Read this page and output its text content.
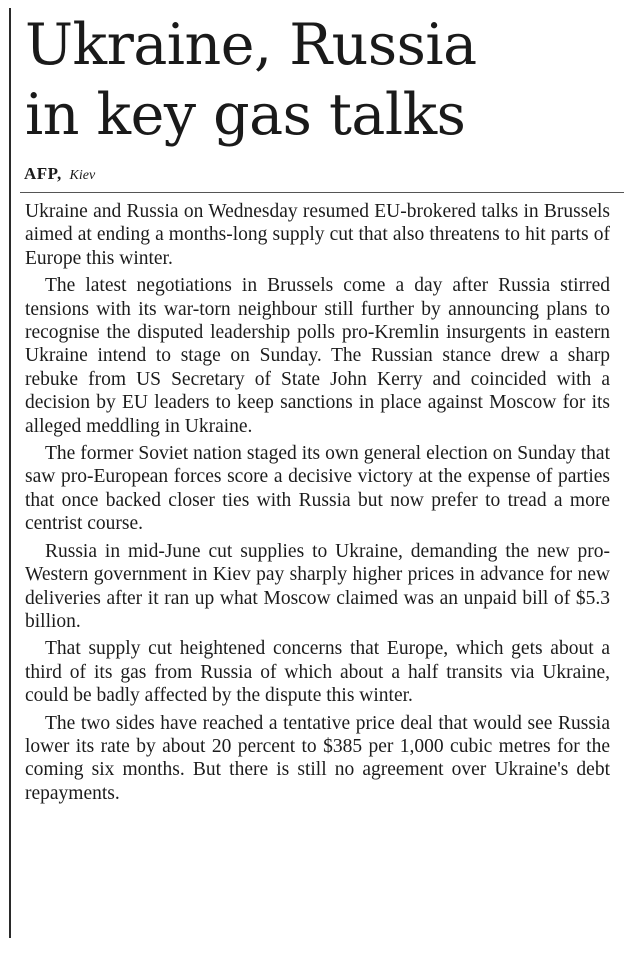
Ukraine, Russia
in key gas talks
AFP, Kiev

Ukraine and Russia on Wednesday resumed EU-brokered talks in Brussels aimed at ending a months-long supply cut that also threatens to hit parts of Europe this winter.

The latest negotiations in Brussels come a day after Russia stirred tensions with its war-torn neighbour still further by announcing plans to recognise the disputed leadership polls pro-Kremlin insurgents in eastern Ukraine intend to stage on Sunday. The Russian stance drew a sharp rebuke from US Secretary of State John Kerry and coincided with a decision by EU leaders to keep sanctions in place against Moscow for its alleged meddling in Ukraine.

The former Soviet nation staged its own general election on Sunday that saw pro-European forces score a decisive victory at the expense of parties that once backed closer ties with Russia but now prefer to tread a more centrist course.

Russia in mid-June cut supplies to Ukraine, demanding the new pro-Western government in Kiev pay sharply higher prices in advance for new deliveries after it ran up what Moscow claimed was an unpaid bill of $5.3 billion.

That supply cut heightened concerns that Europe, which gets about a third of its gas from Russia of which about a half transits via Ukraine, could be badly affected by the dispute this winter.

The two sides have reached a tentative price deal that would see Russia lower its rate by about 20 percent to $385 per 1,000 cubic metres for the coming six months. But there is still no agreement over Ukraine's debt repayments.
